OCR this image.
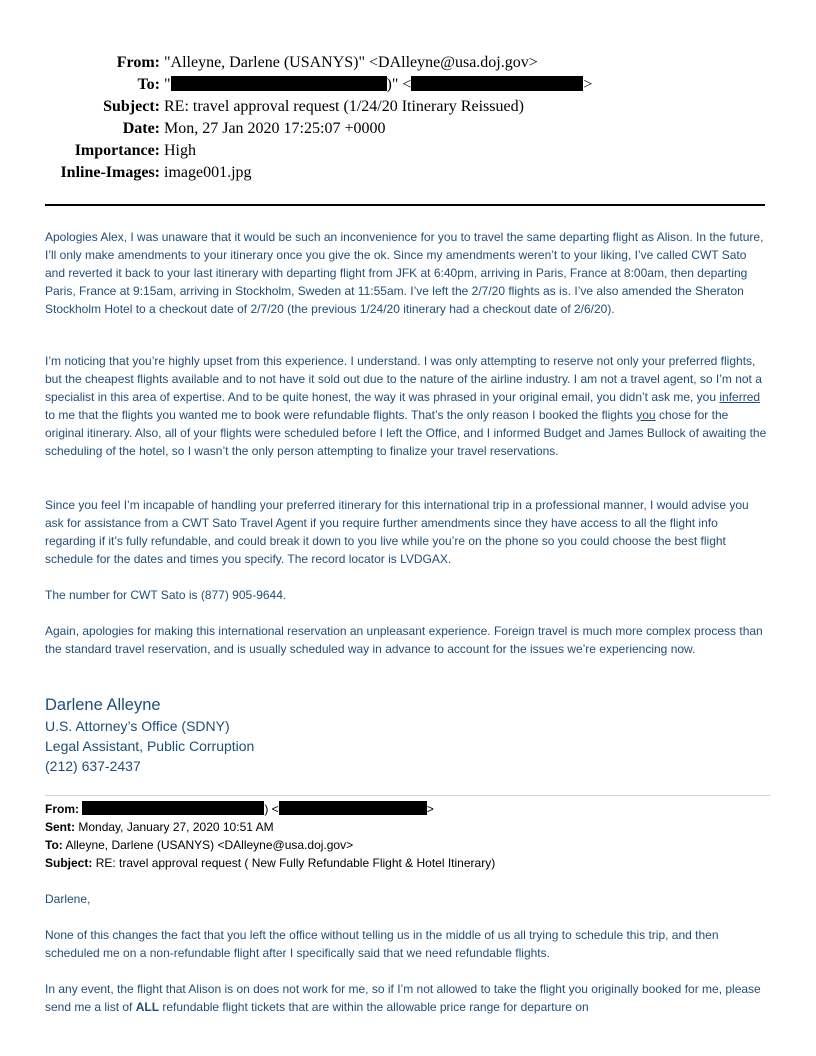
From: "Alleyne, Darlene (USANYS)" <DAlleyne@usa.doj.gov>
To: "	)" <	>
Subject: RE: travel approval request (1/24/20 Itinerary Reissued)
Date: Mon, 27 Jan 2020 17:25:07 +0000
Importance: High
Inline-Images: image001.jpg

Apologies Alex, I was unaware that it would be such an inconvenience for you to travel the same departing flight as Alison. In the future, I’ll only make amendments to your itinerary once you give the ok. Since my amendments weren’t to your liking, I’ve called CWT Sato and reverted it back to your last itinerary with departing flight from JFK at 6:40pm, arriving in Paris, France at 8:00am, then departing Paris, France at 9:15am, arriving in Stockholm, Sweden at 11:55am. I’ve left the 2/7/20 flights as is. I’ve also amended the Sheraton Stockholm Hotel to a checkout date of 2/7/20 (the previous 1/24/20 itinerary had a checkout date of 2/6/20).

I’m noticing that you’re highly upset from this experience. I understand. I was only attempting to reserve not only your preferred flights, but the cheapest flights available and to not have it sold out due to the nature of the airline industry. I am not a travel agent, so I’m not a specialist in this area of expertise. And to be quite honest, the way it was phrased in your original email, you didn’t ask me, you inferred to me that the flights you wanted me to book were refundable flights. That’s the only reason I booked the flights you chose for the original itinerary. Also, all of your flights were scheduled before I left the Office, and I informed Budget and James Bullock of awaiting the scheduling of the hotel, so I wasn’t the only person attempting to finalize your travel reservations.

Since you feel I’m incapable of handling your preferred itinerary for this international trip in a professional manner, I would advise you ask for assistance from a CWT Sato Travel Agent if you require further amendments since they have access to all the flight info regarding if it’s fully refundable, and could break it down to you live while you’re on the phone so you could choose the best flight schedule for the dates and times you specify. The record locator is LVDGAX.

The number for CWT Sato is (877) 905-9644.

Again, apologies for making this international reservation an unpleasant experience. Foreign travel is much more complex process than the standard travel reservation, and is usually scheduled way in advance to account for the issues we’re experiencing now.

Darlene Alleyne
U.S. Attorney’s Office (SDNY)
Legal Assistant, Public Corruption
(212) 637-2437
From:	) <	>
Sent: Monday, January 27, 2020 10:51 AM
To: Alleyne, Darlene (USANYS) <DAlleyne@usa.doj.gov>
Subject: RE: travel approval request ( New Fully Refundable Flight & Hotel Itinerary)

Darlene,

None of this changes the fact that you left the office without telling us in the middle of us all trying to schedule this trip, and then scheduled me on a non-refundable flight after I specifically said that we need refundable flights.

In any event, the flight that Alison is on does not work for me, so if I’m not allowed to take the flight you originally booked for me, please send me a list of ALL refundable flight tickets that are within the allowable price range for departure on
